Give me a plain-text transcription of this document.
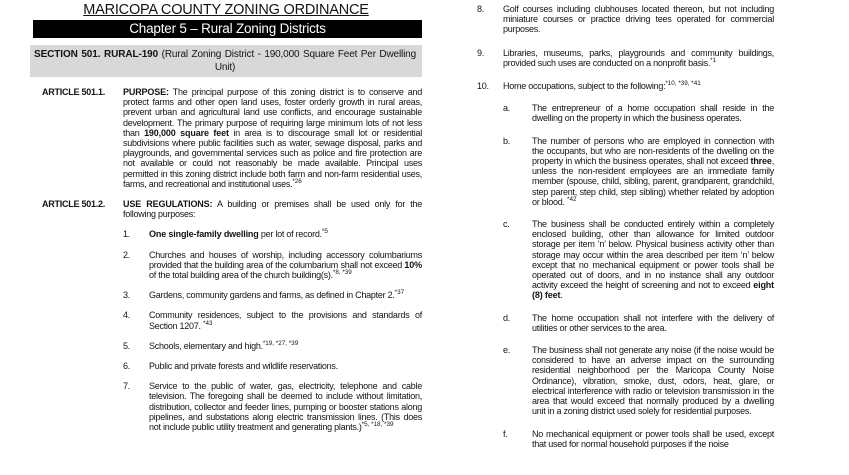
MARICOPA COUNTY ZONING ORDINANCE
Chapter 5 – Rural Zoning Districts
SECTION 501. RURAL-190 (Rural Zoning District - 190,000 Square Feet Per Dwelling Unit)
ARTICLE 501.1.	PURPOSE: The principal purpose of this zoning district is to conserve and protect farms and other open land uses, foster orderly growth in rural areas, prevent urban and agricultural land use conflicts, and encourage sustainable development. The primary purpose of requiring large minimum lots of not less than 190,000 square feet in area is to discourage small lot or residential subdivisions where public facilities such as water, sewage disposal, parks and playgrounds, and governmental services such as police and fire protection are not available or could not reasonably be made available. Principal uses permitted in this zoning district include both farm and non-farm residential uses, farms, and recreational and institutional uses.$^{*26}$

ARTICLE 501.2.	USE REGULATIONS: A building or premises shall be used only for the following purposes:

1.	One single-family dwelling per lot of record.$^{*5}$

2.	Churches and houses of worship, including accessory columbariums provided that the building area of the columbarium shall not exceed 10% of the total building area of the church building(s).$^{*8, *39}$

3.	Gardens, community gardens and farms, as defined in Chapter 2.$^{*37}$

4.	Community residences, subject to the provisions and standards of Section 1207. $^{*43}$

5.	Schools, elementary and high.$^{*19, *27, *39}$

6.	Public and private forests and wildlife reservations.

7.	Service to the public of water, gas, electricity, telephone and cable television. The foregoing shall be deemed to include without limitation, distribution, collector and feeder lines, pumping or booster stations along pipelines, and substations along electric transmission lines. (This does not include public utility treatment and generating plants.)$^{*5, *18, *39}$

8.	Golf courses including clubhouses located thereon, but not including miniature courses or practice driving tees operated for commercial purposes.

9.	Libraries, museums, parks, playgrounds and community buildings, provided such uses are conducted on a nonprofit basis.$^{*1}$

10.	Home occupations, subject to the following:$^{*10, *39, *41}$

a.	The entrepreneur of a home occupation shall reside in the dwelling on the property in which the business operates.

b.	The number of persons who are employed in connection with the occupants, but who are non-residents of the dwelling on the property in which the business operates, shall not exceed three, unless the non-resident employees are an immediate family member (spouse, child, sibling, parent, grandparent, grandchild, step parent, step child, step sibling) whether related by adoption or blood. $^{*42}$

c.	The business shall be conducted entirely within a completely enclosed building, other than allowance for limited outdoor storage per item ‘n’ below. Physical business activity other than storage may occur within the area described per item ‘n’ below except that no mechanical equipment or power tools shall be operated out of doors, and in no instance shall any outdoor activity exceed the height of screening and not to exceed eight (8) feet.

d.	The home occupation shall not interfere with the delivery of utilities or other services to the area.

e.	The business shall not generate any noise (if the noise would be considered to have an adverse impact on the surrounding residential neighborhood per the Maricopa County Noise Ordinance), vibration, smoke, dust, odors, heat, glare, or electrical interference with radio or television transmission in the area that would exceed that normally produced by a dwelling unit in a zoning district used solely for residential purposes.

f.	No mechanical equipment or power tools shall be used, except that used for normal household purposes if the noise
